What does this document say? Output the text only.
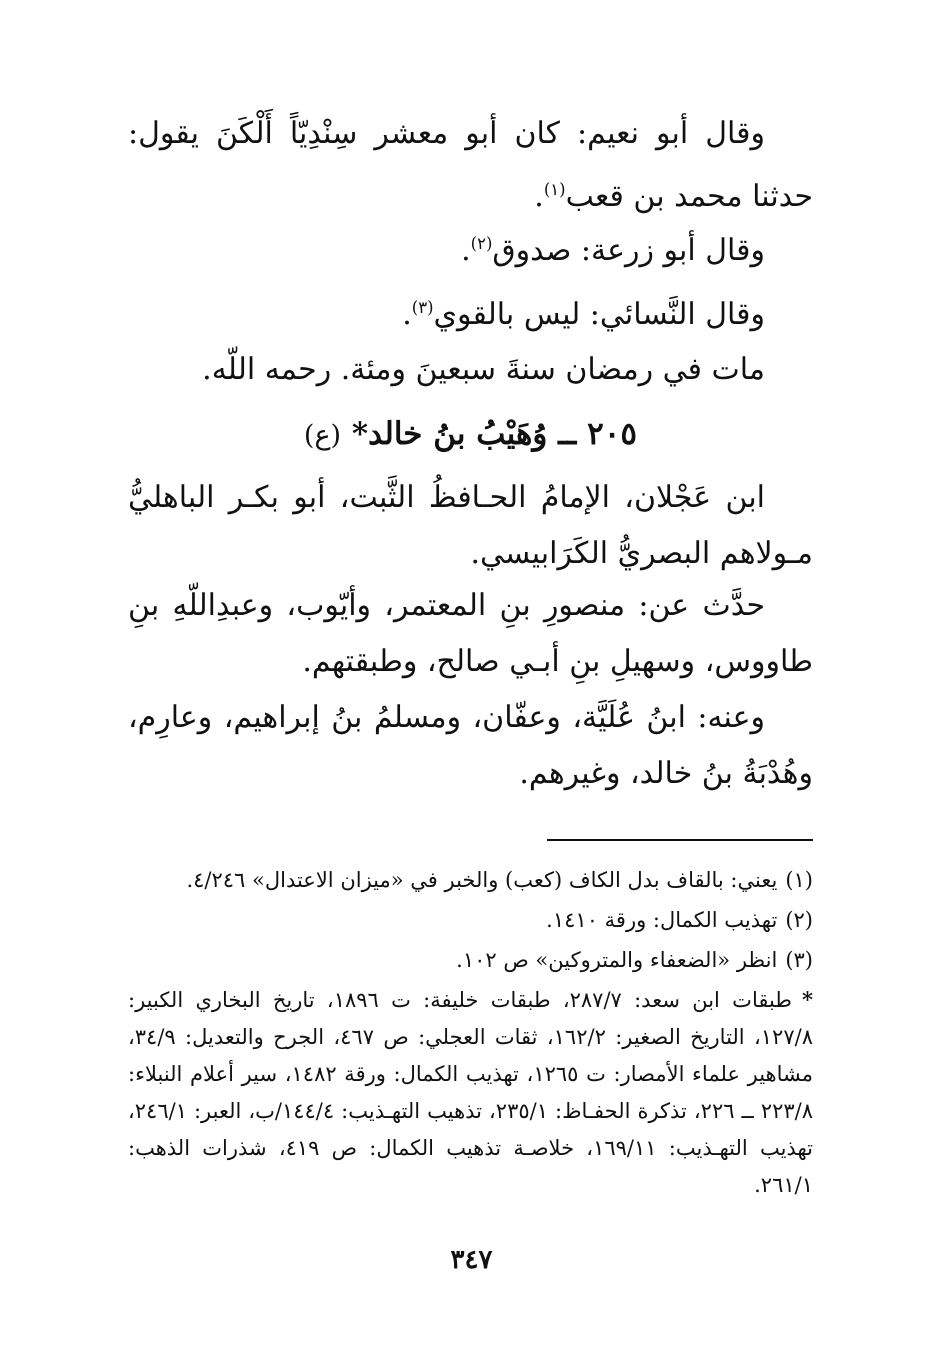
وقال أبو نعيم: كان أبو معشر سِنْدِيّاً أَلْكَنَ يقول: حدثنا محمد بن قعب$^{(١)}$.

وقال أبو زرعة: صدوق$^{(٢)}$.

وقال النَّسائي: ليس بالقوي$^{(٣)}$.

مات في رمضان سنةَ سبعينَ ومئة. رحمه اللّه.

٢٠٥ ــ وُهَيْبُ بنُ خالد* (ع)

ابن عَجْلان، الإمامُ الحـافظُ الثَّبت، أبو بكـر الباهليُّ مـولاهم البصريُّ الكَرَابيسي.

حدَّث عن: منصورِ بنِ المعتمر، وأيّوب، وعبدِاللّهِ بنِ طاووس، وسهيلِ بنِ أبـي صالح، وطبقتهم.

وعنه: ابنُ عُلَيَّة، وعفّان، ومسلمُ بنُ إبراهيم، وعارِم، وهُدْبَةُ بنُ خالد، وغيرهم.

(١)يعني: بالقاف بدل الكاف (كعب) والخبر في «ميزان الاعتدال» ٤/٢٤٦.

(٢)تهذيب الكمال: ورقة ١٤١٠.

(٣)انظر «الضعفاء والمتروكين» ص ١٠٢.

*طبقات ابن سعد: ٢٨٧/٧، طبقات خليفة: ت ١٨٩٦، تاريخ البخاري الكبير: ١٢٧/٨، التاريخ الصغير: ١٦٢/٢، ثقات العجلي: ص ٤٦٧، الجرح والتعديل: ٣٤/٩، مشاهير علماء الأمصار: ت ١٢٦٥، تهذيب الكمال: ورقة ١٤٨٢، سير أعلام النبلاء: ٢٢٣/٨ ــ ٢٢٦، تذكرة الحفـاظ: ٢٣٥/١، تذهيب التهـذيب: ١٤٤/٤/ب، العبر: ٢٤٦/١، تهذيب التهـذيب: ١٦٩/١١، خلاصـة تذهيب الكمال: ص ٤١٩، شذرات الذهب: ٢٦١/١.

٣٤٧
